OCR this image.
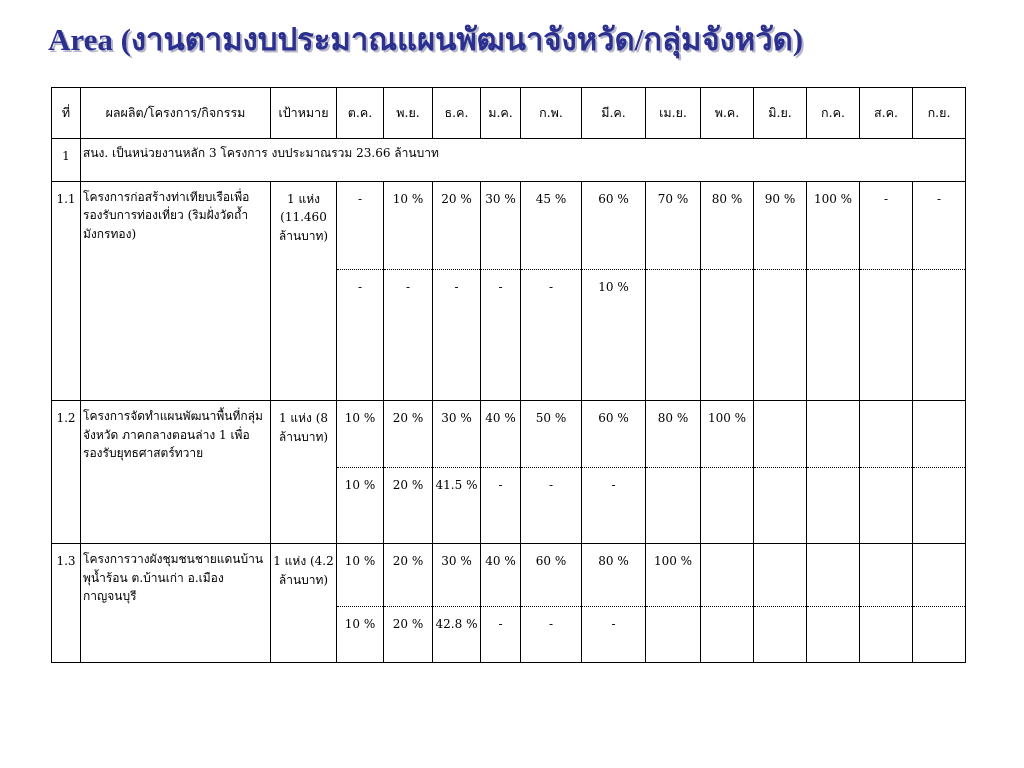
Area (งานตามงบประมาณแผนพัฒนาจังหวัด/กลุ่มจังหวัด)
ที่	ผลผลิต/โครงการ/กิจกรรม	เป้าหมาย	ต.ค.	พ.ย.	ธ.ค.	ม.ค.	ก.พ.	มี.ค.	เม.ย.	พ.ค.	มิ.ย.	ก.ค.	ส.ค.	ก.ย.
1	สนง. เป็นหน่วยงานหลัก 3 โครงการ งบประมาณรวม 23.66 ล้านบาท													
1.1	โครงการก่อสร้างท่าเทียบเรือเพื่อรองรับการท่องเที่ยว (ริมฝั่งวัดถ้ำมังกรทอง)	1 แห่ง (11.460 ล้านบาท)	-	10 %	20 %	30 %	45 %	60 %	70 %	80 %	90 %	100 %	-	-
			-	-	-	-	-	10 %						
1.2	โครงการจัดทำแผนพัฒนาพื้นที่กลุ่มจังหวัด ภาคกลางตอนล่าง 1 เพื่อรองรับยุทธศาสตร์ทวาย	1 แห่ง (8 ล้านบาท)	10 %	20 %	30 %	40 %	50 %	60 %	80 %	100 %				
			10 %	20 %	41.5 %	-	-	-						
1.3	โครงการวางผังชุมชนชายแดนบ้านพุน้ำร้อน ต.บ้านเก่า อ.เมืองกาญจนบุรี	1 แห่ง (4.2 ล้านบาท)	10 %	20 %	30 %	40 %	60 %	80 %	100 %					
			10 %	20 %	42.8 %	-	-	-						
